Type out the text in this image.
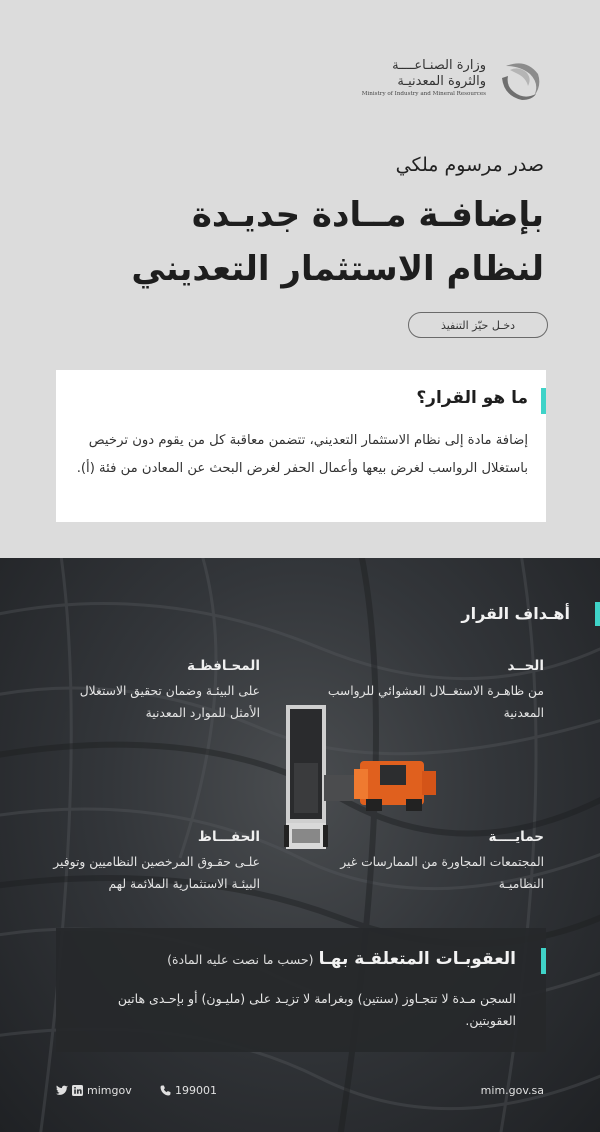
وزارة الصنـاعــــة
والثروة المعدنيـة
Ministry of Industry and Mineral Resources
صدر مرسوم ملكي
بإضافـة مــادة جديـدة
لنظام الاستثمار التعديني
دخـل حيّز التنفيذ
ما هو القرار؟
إضافة مادة إلى نظام الاستثمار التعديني، تتضمن معاقبة كل من يقوم دون ترخيص باستغلال الرواسب لغرض بيعها وأعمال الحفر لغرض البحث عن المعادن من فئة (أ).
أهـداف القرار
الحــد
من ظاهـرة الاستغــلال العشوائي للرواسب المعدنية
المحـافظـة
على البيئـة وضمان تحقيق الاستغلال الأمثل للموارد المعدنية
حمايــــة
المجتمعات المجاورة من الممارسات غير النظاميـة
الحفـــاظ
علـى حقـوق المرخصين النظاميين وتوفير البيئـة الاستثمارية الملائمة لهم
العقوبـات المتعلقـة بهـا (حسب ما نصت عليه المادة)
السجن مـدة لا تتجـاوز (سنتين) وبغرامة لا تزيـد على (مليـون) أو بإحـدى هاتين العقوبتين.
mimgov	199001	mim.gov.sa
